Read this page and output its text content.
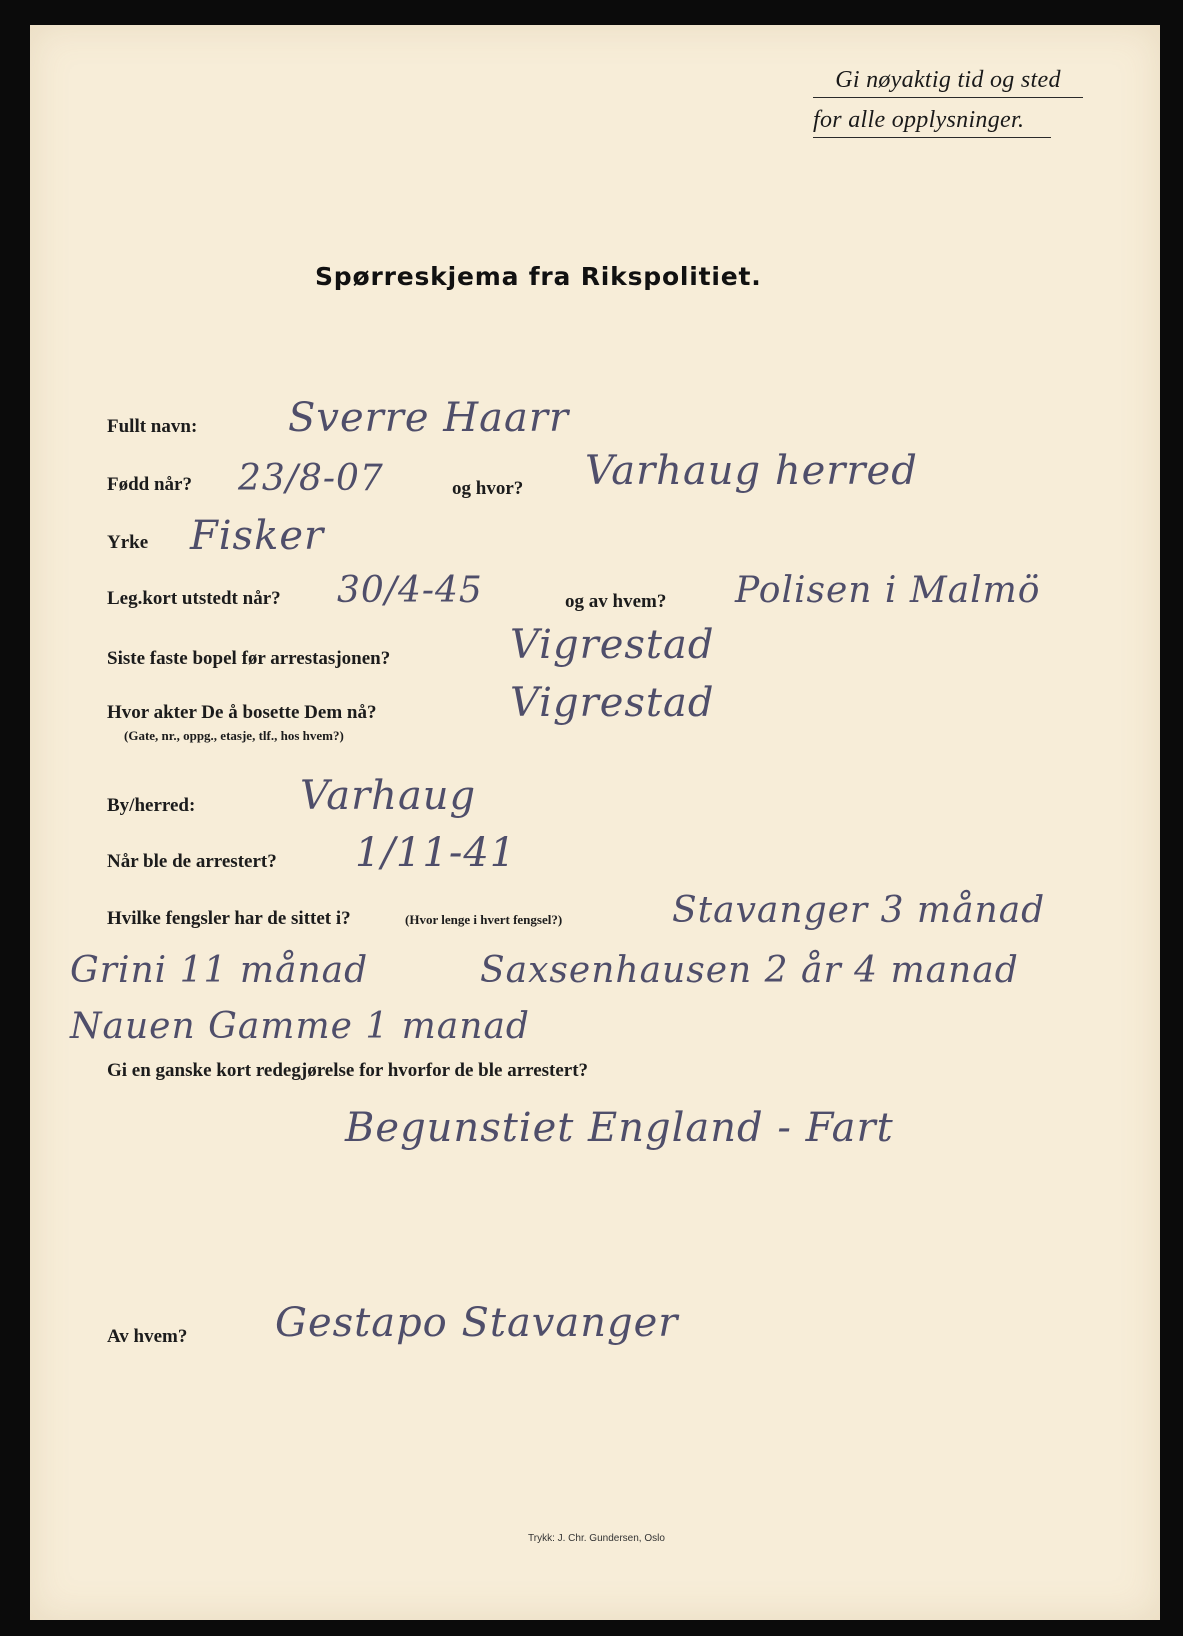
Gi nøyaktig tid og sted
for alle opplysninger.
Spørreskjema fra Rikspolitiet.
Fullt navn: Sverre Haarr
Fødd når? 23/8-07	og hvor? Varhaug herred
Yrke Fisker
Leg.kort utstedt når? 30/4-45	og av hvem? Polisen i Malmö
Siste faste bopel før arrestasjonen?	Vigrestad
Hvor akter De å bosette Dem nå?
(Gate, nr., oppg., etasje, tlf., hos hvem?)
Vigrestad
By/herred:	Varhaug
Når ble de arrestert? 1/11-41
Hvilke fengsler har de sittet i?	(Hvor lenge i hvert fengsel?)	Stavanger 3 månad
Grini 11 månad	Saxsenhausen 2 år 4 manad
Nauen Gamme 1 manad
Gi en ganske kort redegjørelse for hvorfor de ble arrestert?
Begunstiet England - Fart
Av hvem? Gestapo Stavanger
Trykk: J. Chr. Gundersen, Oslo
